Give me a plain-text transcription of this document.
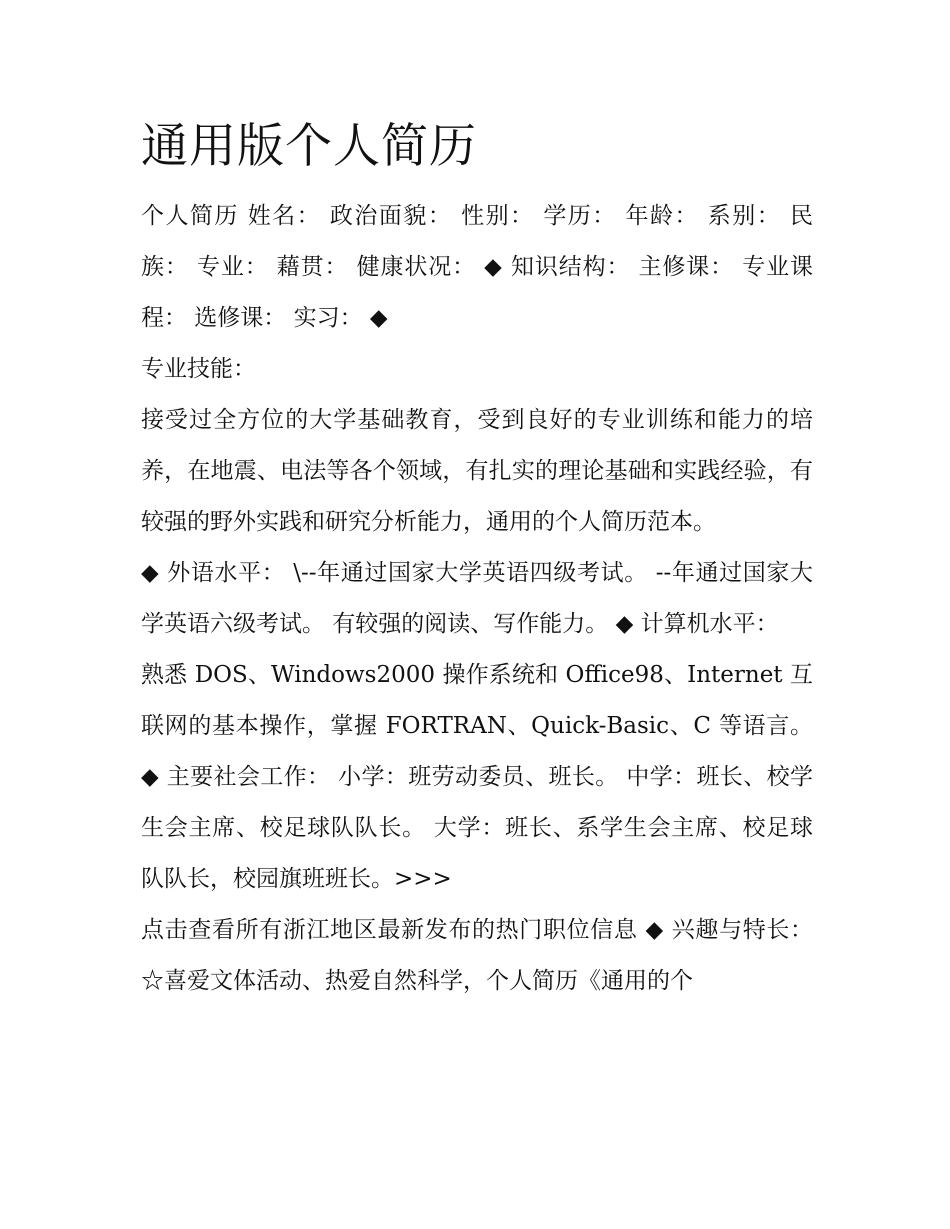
通用版个人简历

个人简历 姓名： 政治面貌： 性别： 学历： 年龄： 系别： 民族： 专业： 藉贯： 健康状况： ◆ 知识结构： 主修课： 专业课程： 选修课： 实习： ◆

专业技能：

接受过全方位的大学基础教育，受到良好的专业训练和能力的培养，在地震、电法等各个领域，有扎实的理论基础和实践经验，有较强的野外实践和研究分析能力，通用的个人简历范本。

◆ 外语水平： \--年通过国家大学英语四级考试。 --年通过国家大学英语六级考试。 有较强的阅读、写作能力。 ◆ 计算机水平：

熟悉 DOS、Windows2000 操作系统和 Office98、Internet 互联网的基本操作，掌握 FORTRAN、Quick-Basic、C 等语言。 ◆ 主要社会工作： 小学：班劳动委员、班长。 中学：班长、校学生会主席、校足球队队长。 大学：班长、系学生会主席、校足球队队长，校园旗班班长。>>>

点击查看所有浙江地区最新发布的热门职位信息 ◆ 兴趣与特长： ☆喜爱文体活动、热爱自然科学，个人简历《通用的个
